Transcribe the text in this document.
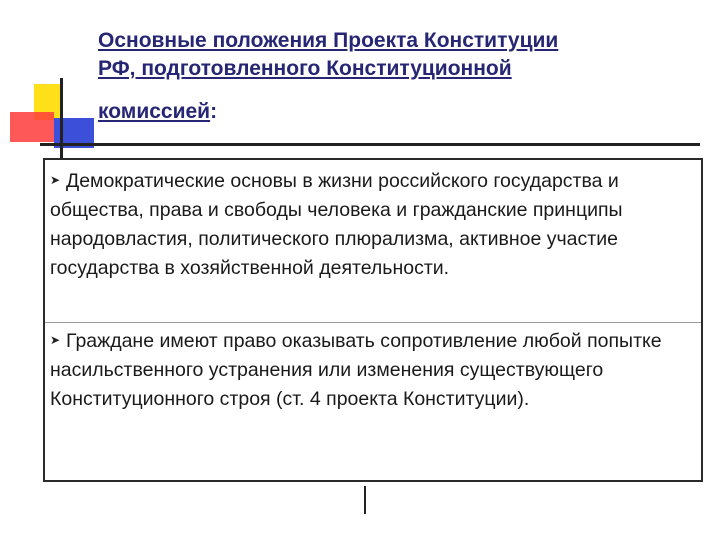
Основные положения Проекта Конституции
РФ, подготовленного Конституционной
комиссией:

➤ Демократические основы в жизни российского государства и общества, права и свободы человека и гражданские принципы народовластия, политического плюрализма, активное участие государства в хозяйственной деятельности.

➤ Граждане имеют право оказывать сопротивление любой попытке насильственного устранения или изменения существующего Конституционного строя (ст. 4 проекта Конституции).
